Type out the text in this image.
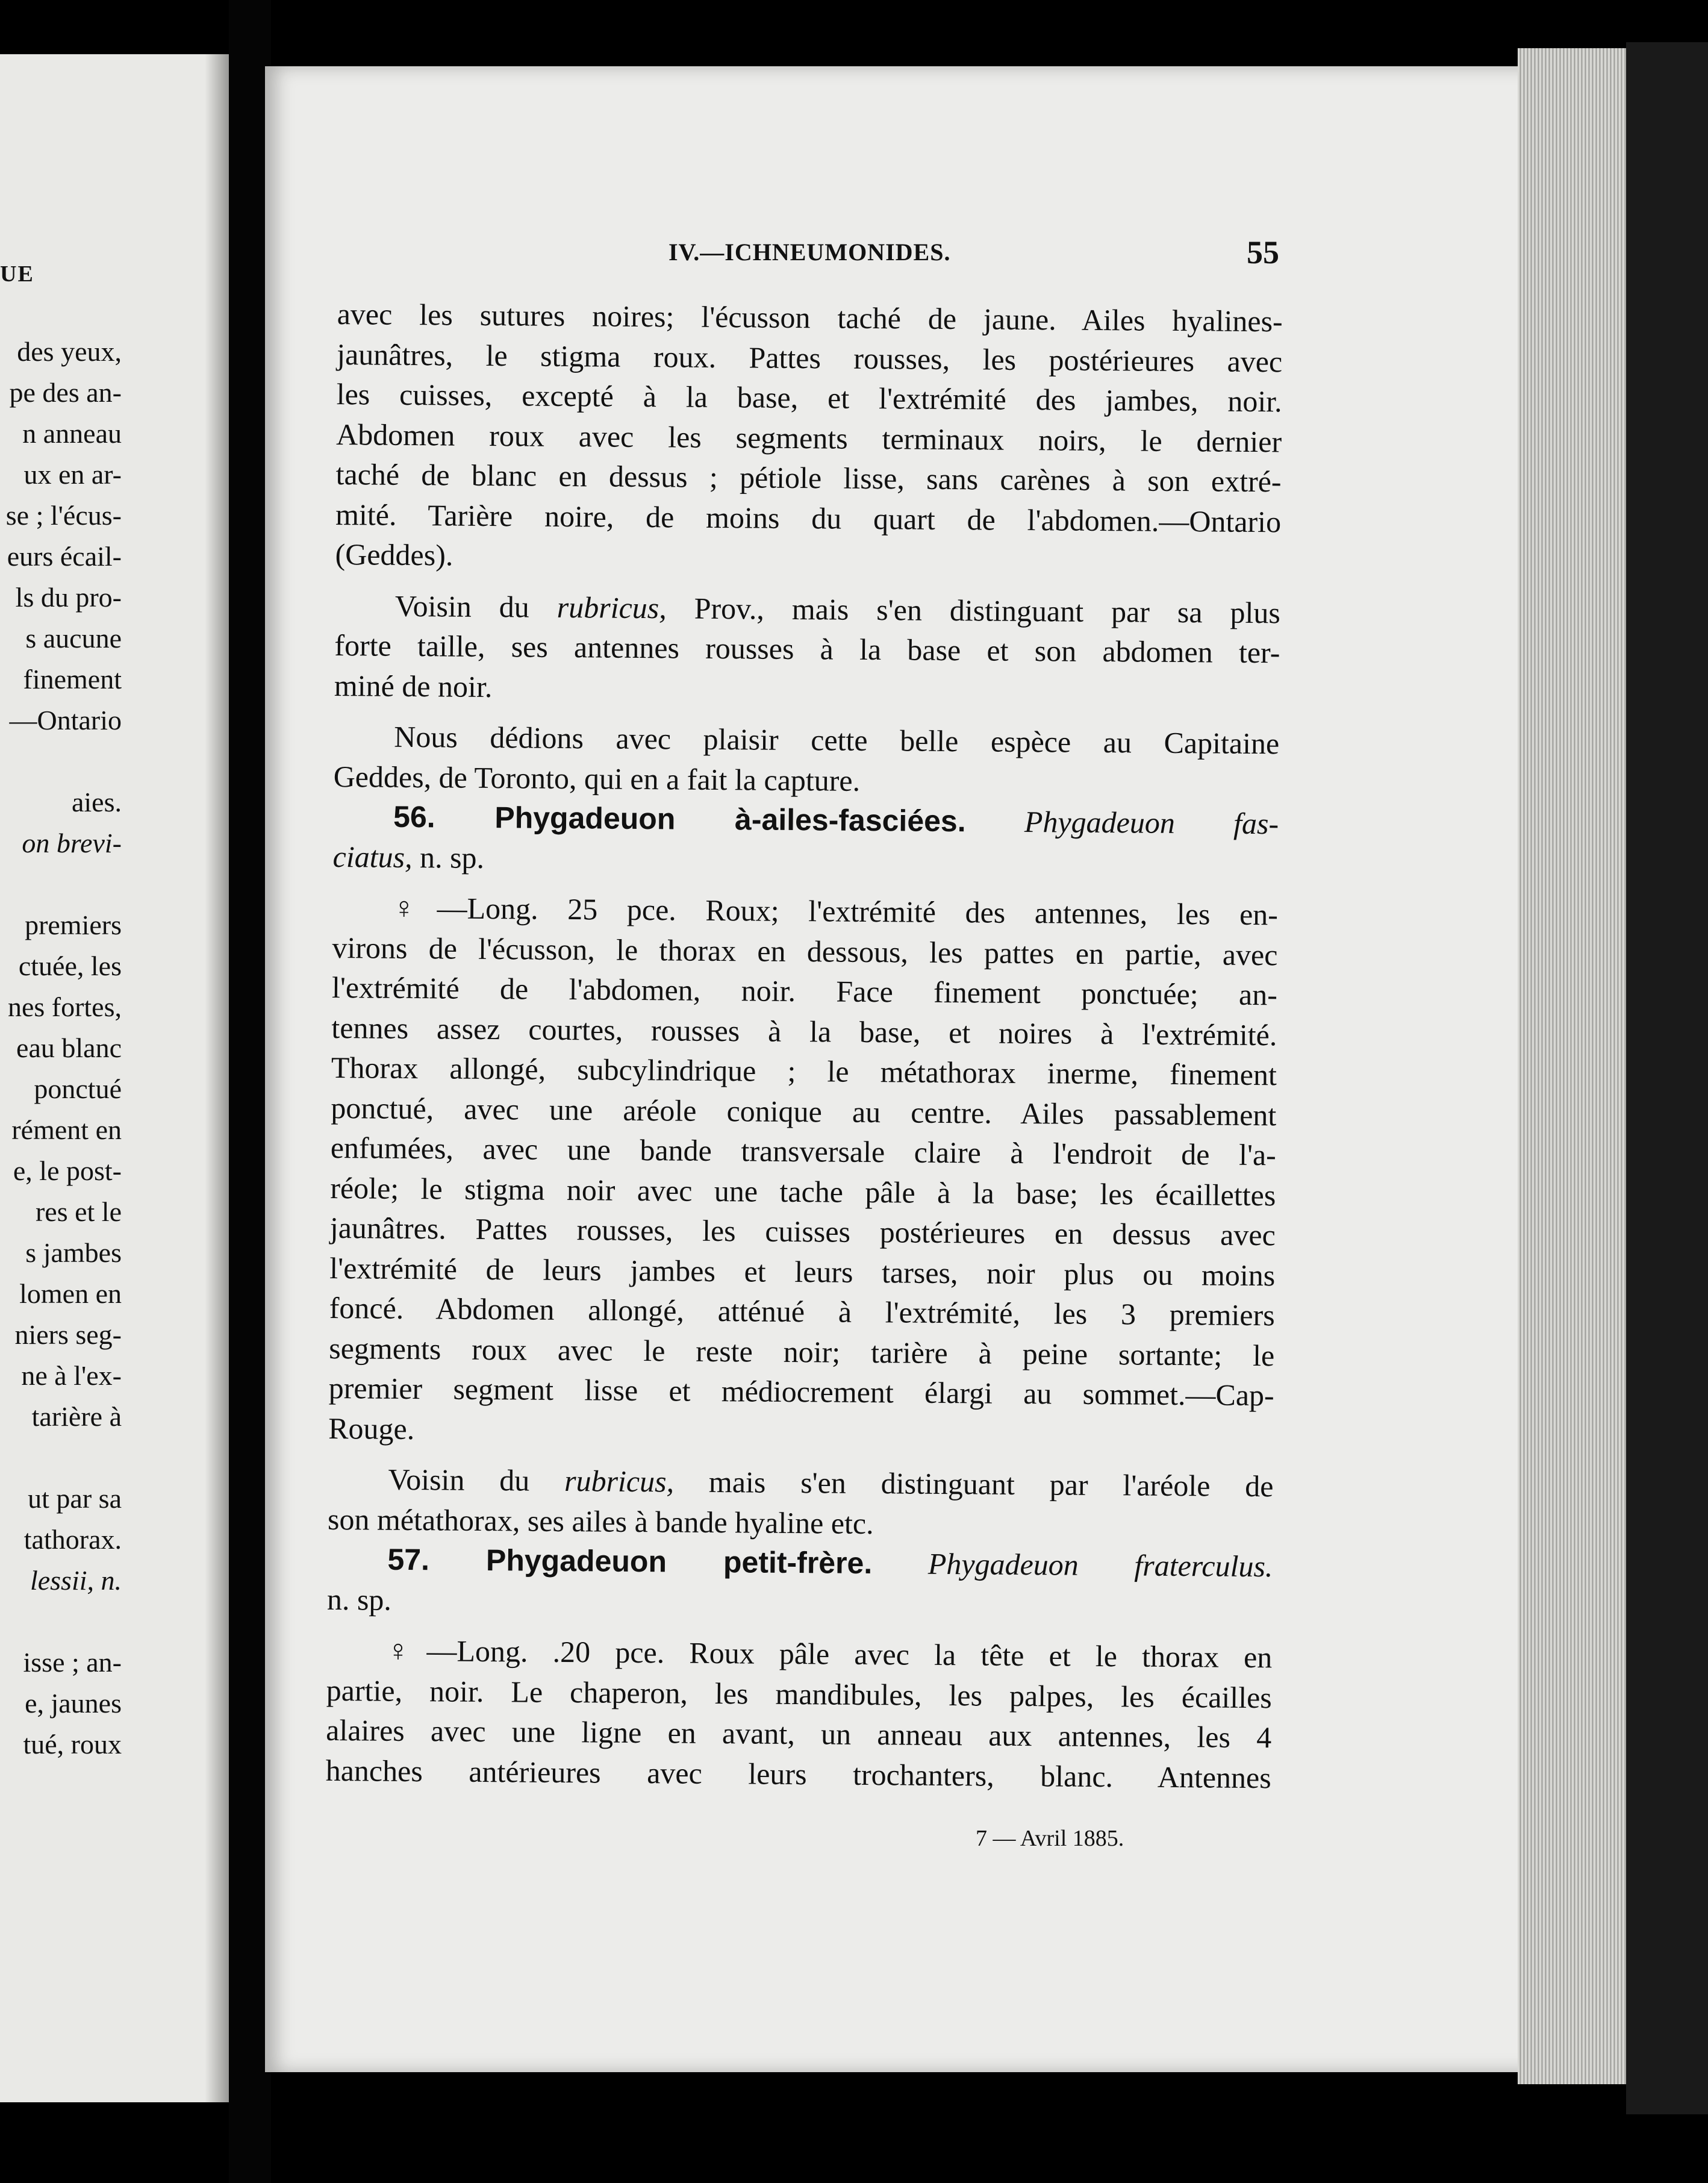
UE
des yeux,
pe des an-
n anneau
ux en ar-
se ; l'écus-
eurs écail-
ls du pro-
s aucune
finement
—Ontario
aies.
on brevi-
premiers
ctuée, les
nes fortes,
eau blanc
ponctué
rément en
e, le post-
res et le
s jambes
lomen en
niers seg-
ne à l'ex-
tarière à
ut par sa
tathorax.
lessii, n.
isse ; an-
e, jaunes
tué, roux
IV.—ICHNEUMONIDES.	55
avec les sutures noires; l'écusson taché de jaune. Ailes hyalines-
jaunâtres, le stigma roux. Pattes rousses, les postérieures avec
les cuisses, excepté à la base, et l'extrémité des jambes, noir.
Abdomen roux avec les segments terminaux noirs, le dernier
taché de blanc en dessus ; pétiole lisse, sans carènes à son extré-
mité. Tarière noire, de moins du quart de l'abdomen.—Ontario
(Geddes).
Voisin du rubricus, Prov., mais s'en distinguant par sa plus
forte taille, ses antennes rousses à la base et son abdomen ter-
miné de noir.
Nous dédions avec plaisir cette belle espèce au Capitaine
Geddes, de Toronto, qui en a fait la capture.
56. Phygadeuon à-ailes-fasciées. Phygadeuon fas-
ciatus, n. sp.
♀—Long. 25 pce. Roux; l'extrémité des antennes, les en-
virons de l'écusson, le thorax en dessous, les pattes en partie, avec
l'extrémité de l'abdomen, noir. Face finement ponctuée; an-
tennes assez courtes, rousses à la base, et noires à l'extrémité.
Thorax allongé, subcylindrique ; le métathorax inerme, finement
ponctué, avec une aréole conique au centre. Ailes passablement
enfumées, avec une bande transversale claire à l'endroit de l'a-
réole; le stigma noir avec une tache pâle à la base; les écaillettes
jaunâtres. Pattes rousses, les cuisses postérieures en dessus avec
l'extrémité de leurs jambes et leurs tarses, noir plus ou moins
foncé. Abdomen allongé, atténué à l'extrémité, les 3 premiers
segments roux avec le reste noir; tarière à peine sortante; le
premier segment lisse et médiocrement élargi au sommet.—Cap-
Rouge.
Voisin du rubricus, mais s'en distinguant par l'aréole de
son métathorax, ses ailes à bande hyaline etc.
57. Phygadeuon petit-frère. Phygadeuon fraterculus.
n. sp.
♀—Long. .20 pce. Roux pâle avec la tête et le thorax en
partie, noir. Le chaperon, les mandibules, les palpes, les écailles
alaires avec une ligne en avant, un anneau aux antennes, les 4
hanches antérieures avec leurs trochanters, blanc. Antennes
7 — Avril 1885.
